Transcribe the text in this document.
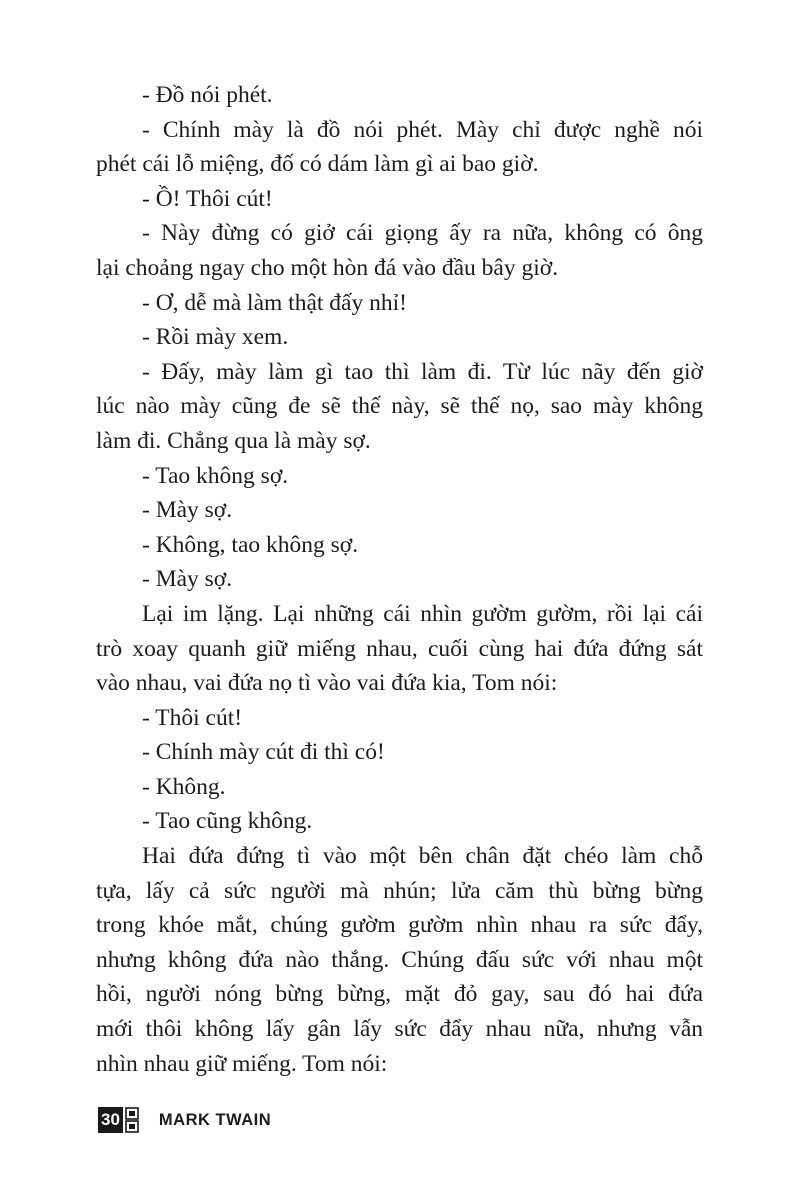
- Đồ nói phét.
- Chính mày là đồ nói phét. Mày chỉ được nghề nói
phét cái lỗ miệng, đố có dám làm gì ai bao giờ.
- Ồ! Thôi cút!
- Này đừng có giở cái giọng ấy ra nữa, không có ông
lại choảng ngay cho một hòn đá vào đầu bây giờ.
- Ơ, dễ mà làm thật đấy nhỉ!
- Rồi mày xem.
- Đấy, mày làm gì tao thì làm đi. Từ lúc nãy đến giờ
lúc nào mày cũng đe sẽ thế này, sẽ thế nọ, sao mày không
làm đi. Chẳng qua là mày sợ.
- Tao không sợ.
- Mày sợ.
- Không, tao không sợ.
- Mày sợ.
Lại im lặng. Lại những cái nhìn gườm gườm, rồi lại cái
trò xoay quanh giữ miếng nhau, cuối cùng hai đứa đứng sát
vào nhau, vai đứa nọ tì vào vai đứa kia, Tom nói:
- Thôi cút!
- Chính mày cút đi thì có!
- Không.
- Tao cũng không.
Hai đứa đứng tì vào một bên chân đặt chéo làm chỗ
tựa, lấy cả sức người mà nhún; lửa căm thù bừng bừng
trong khóe mắt, chúng gườm gườm nhìn nhau ra sức đẩy,
nhưng không đứa nào thắng. Chúng đấu sức với nhau một
hồi, người nóng bừng bừng, mặt đỏ gay, sau đó hai đứa
mới thôi không lấy gân lấy sức đẩy nhau nữa, nhưng vẫn
nhìn nhau giữ miếng. Tom nói:
30 MARK TWAIN
